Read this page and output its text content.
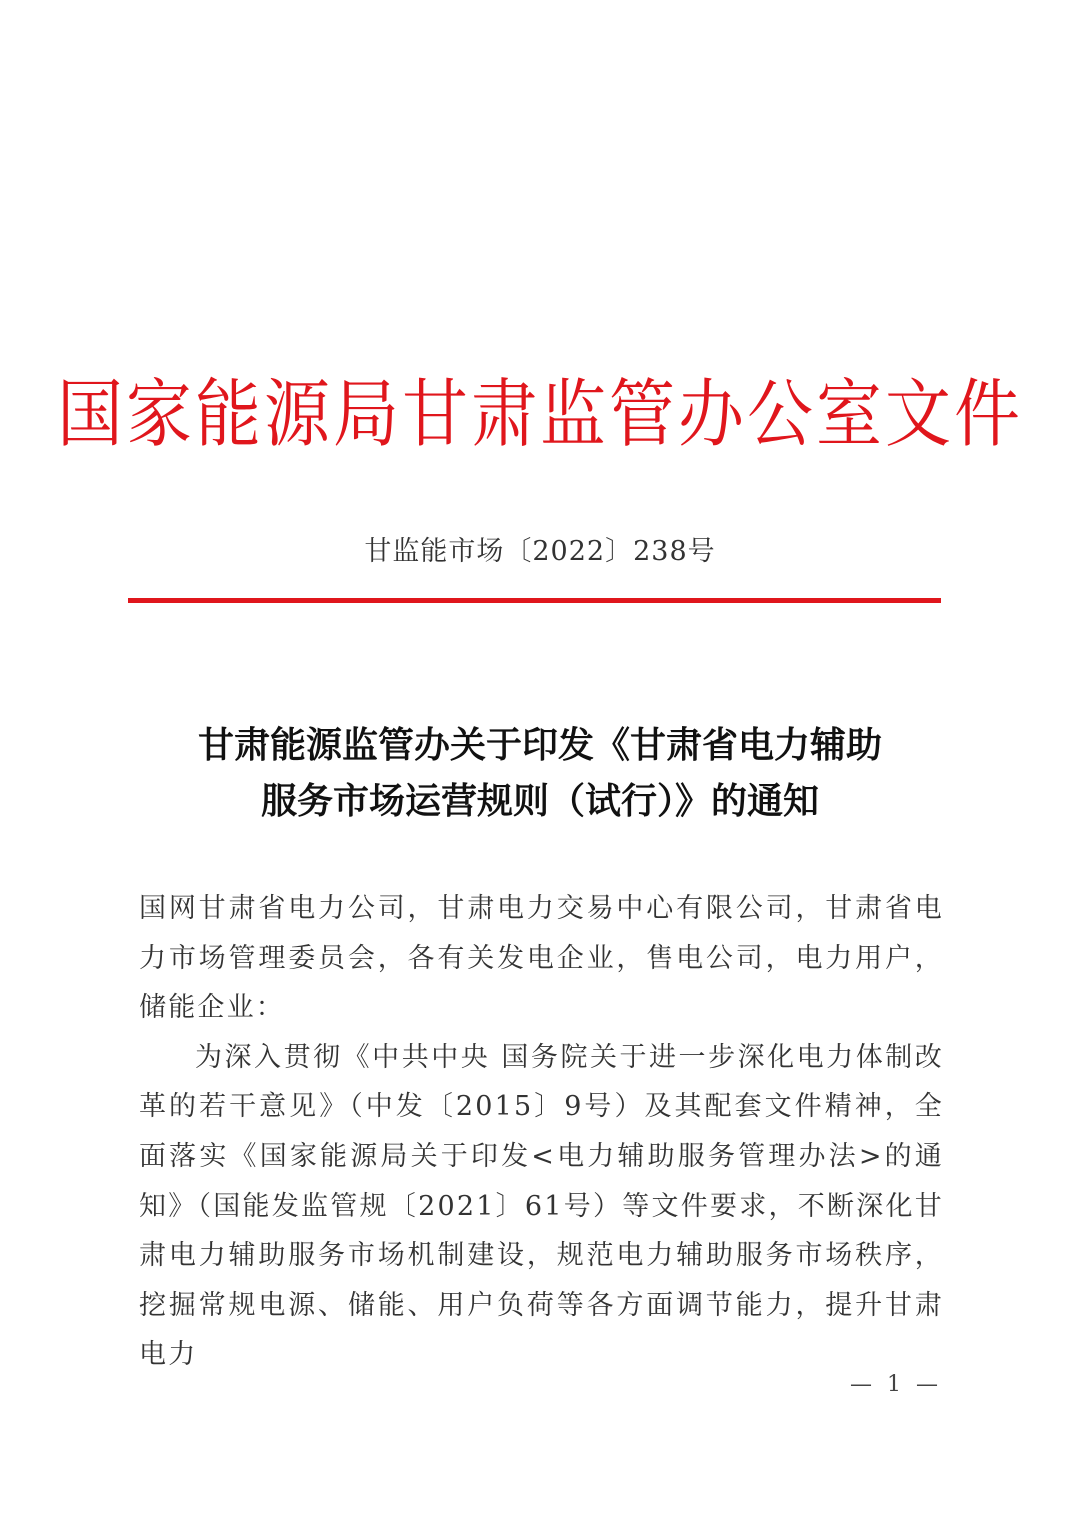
国家能源局甘肃监管办公室文件
甘监能市场〔2022〕238号
甘肃能源监管办关于印发《甘肃省电力辅助
服务市场运营规则（试行）》的通知

国网甘肃省电力公司，甘肃电力交易中心有限公司，甘肃省电力市场管理委员会，各有关发电企业，售电公司，电力用户，储能企业：

为深入贯彻《中共中央 国务院关于进一步深化电力体制改革的若干意见》（中发〔2015〕9号）及其配套文件精神，全面落实《国家能源局关于印发<电力辅助服务管理办法>的通知》（国能发监管规〔2021〕61号）等文件要求，不断深化甘肃电力辅助服务市场机制建设，规范电力辅助服务市场秩序，挖掘常规电源、储能、用户负荷等各方面调节能力，提升甘肃电力

— 1 —
